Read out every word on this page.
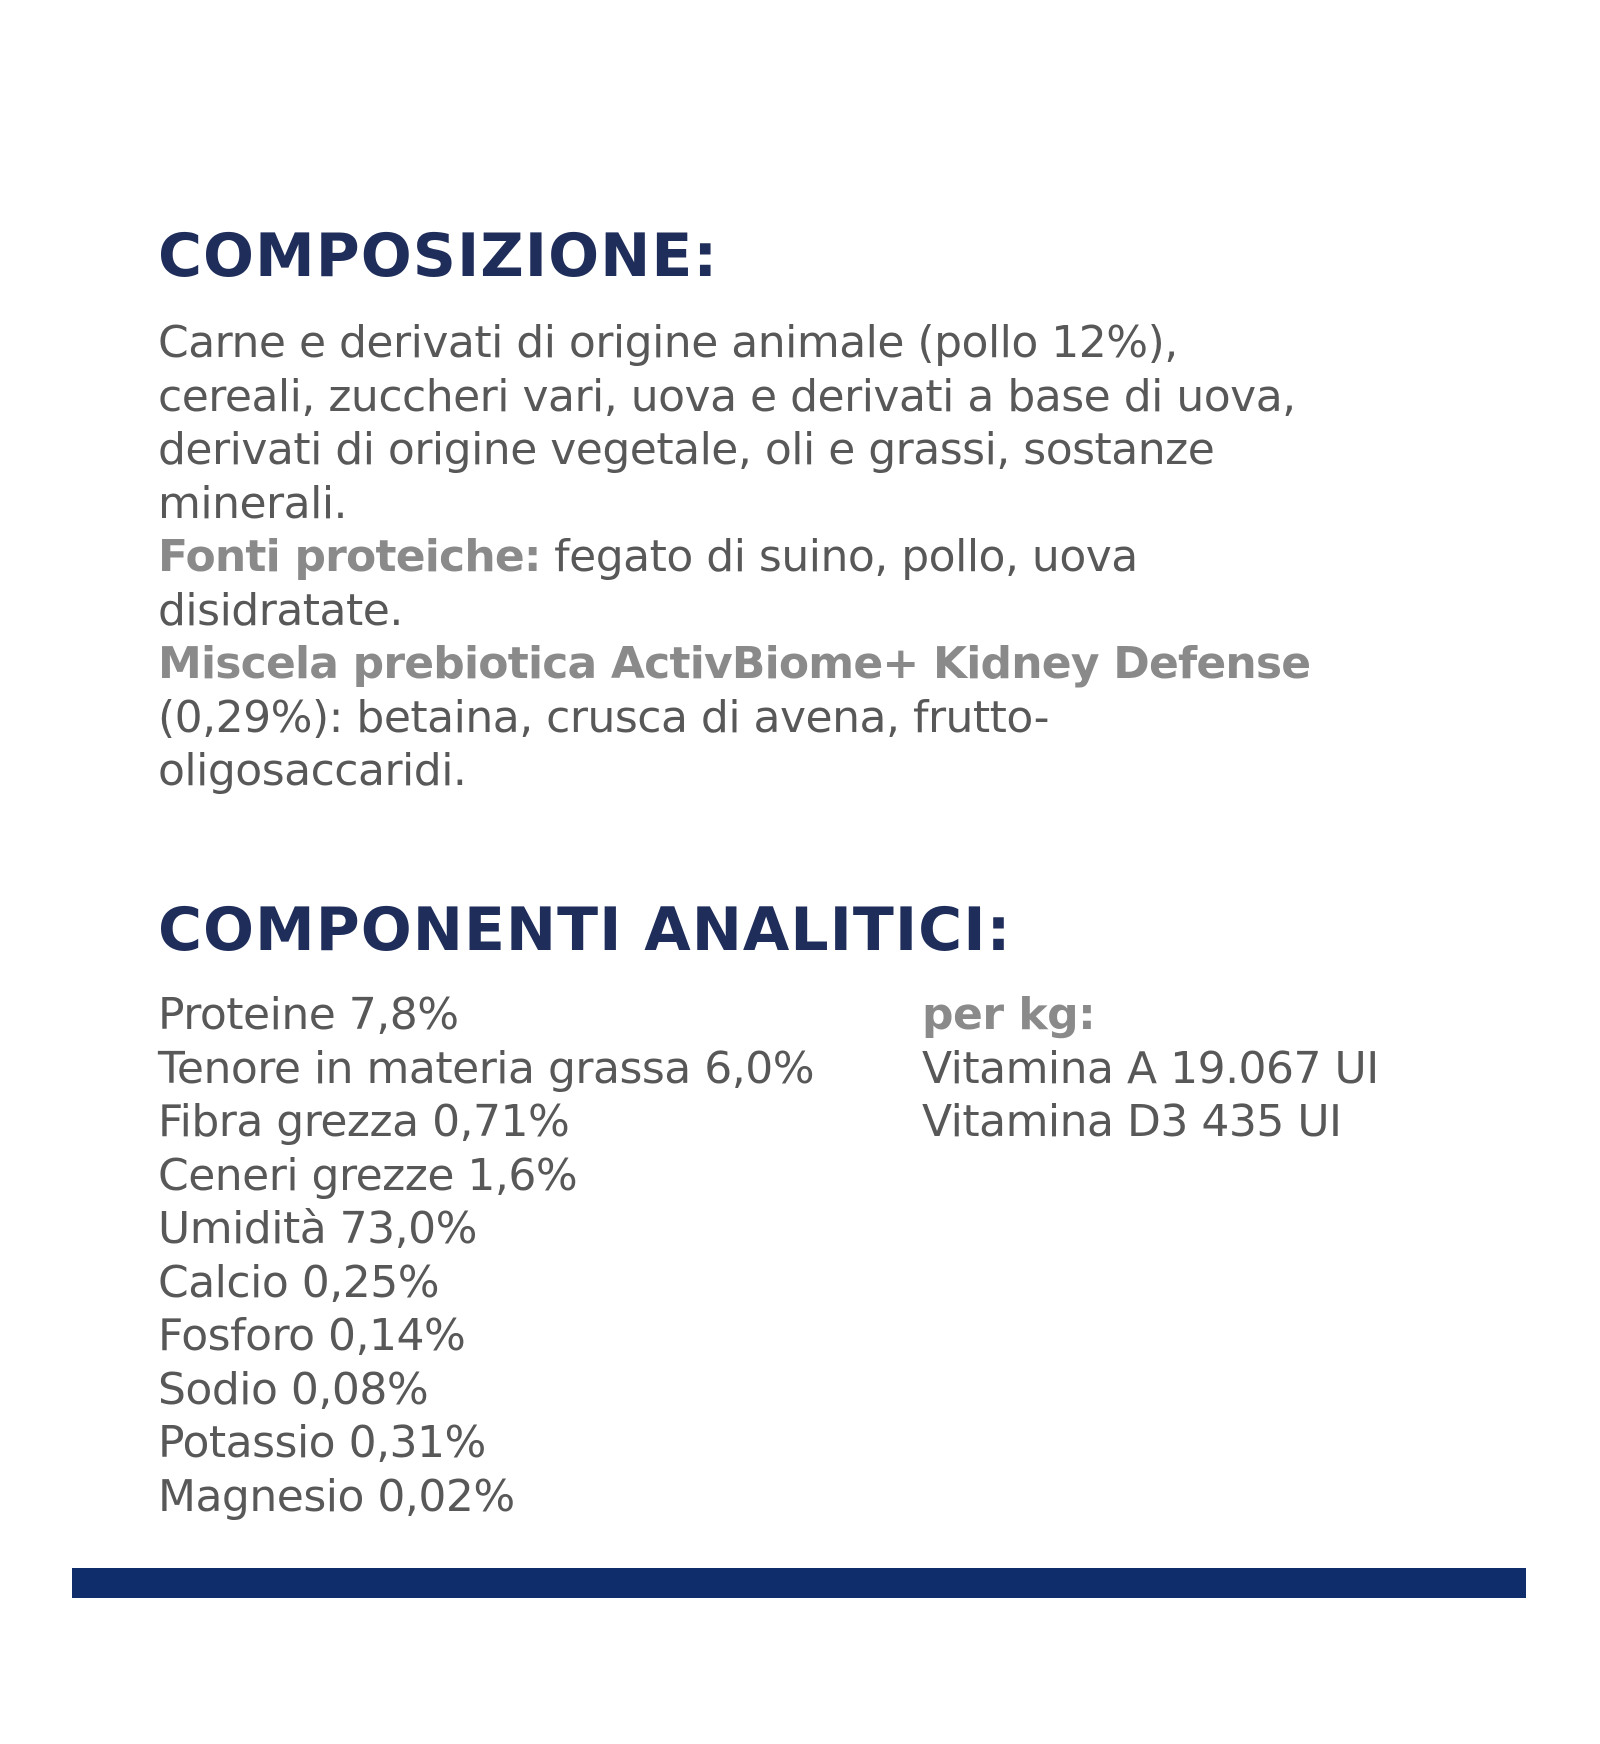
COMPOSIZIONE:
Carne e derivati di origine animale (pollo 12%),
cereali, zuccheri vari, uova e derivati a base di uova,
derivati di origine vegetale, oli e grassi, sostanze
minerali.
Fonti proteiche: fegato di suino, pollo, uova
disidratate.
Miscela prebiotica ActivBiome+ Kidney Defense
(0,29%): betaina, crusca di avena, frutto-
oligosaccaridi.
COMPONENTI ANALITICI:
Proteine 7,8%
Tenore in materia grassa 6,0%
Fibra grezza 0,71%
Ceneri grezze 1,6%
Umidità 73,0%
Calcio 0,25%
Fosforo 0,14%
Sodio 0,08%
Potassio 0,31%
Magnesio 0,02%
per kg:
Vitamina A 19.067 UI
Vitamina D3 435 UI
